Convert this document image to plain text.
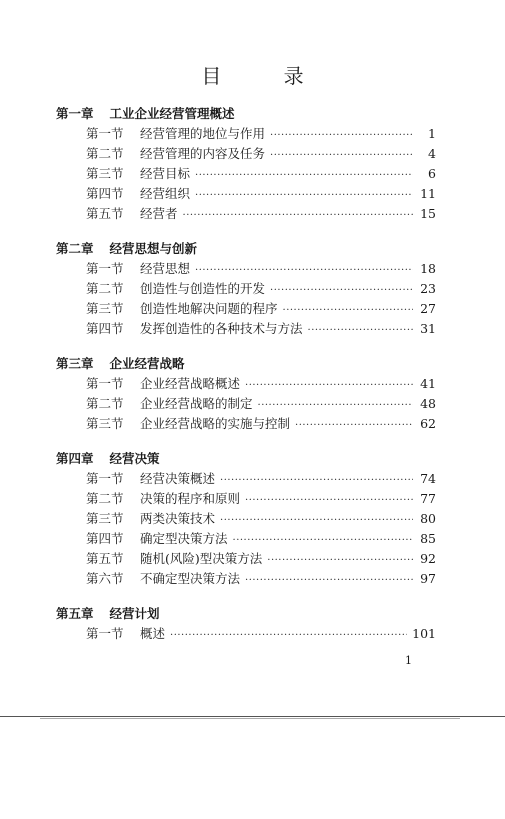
目 录
第一章 工业企业经营管理概述
第一节	经营管理的地位与作用 ·····	1
第二节	经营管理的内容及任务 ·····	4
第三节	经营目标 ·····	6
第四节	经营组织 ·····	11
第五节	经营者 ·····	15
第二章 经营思想与创新
第一节	经营思想 ·····	18
第二节	创造性与创造性的开发 ·····	23
第三节	创造性地解决问题的程序 ·····	27
第四节	发挥创造性的各种技术与方法 ·····	31
第三章 企业经营战略
第一节	企业经营战略概述 ·····	41
第二节	企业经营战略的制定 ·····	48
第三节	企业经营战略的实施与控制 ·····	62
第四章 经营决策
第一节	经营决策概述 ·····	74
第二节	决策的程序和原则 ·····	77
第三节	两类决策技术 ·····	80
第四节	确定型决策方法 ·····	85
第五节	随机(风险)型决策方法 ·····	92
第六节	不确定型决策方法 ·····	97
第五章 经营计划
第一节	概述 ·····	101
1
